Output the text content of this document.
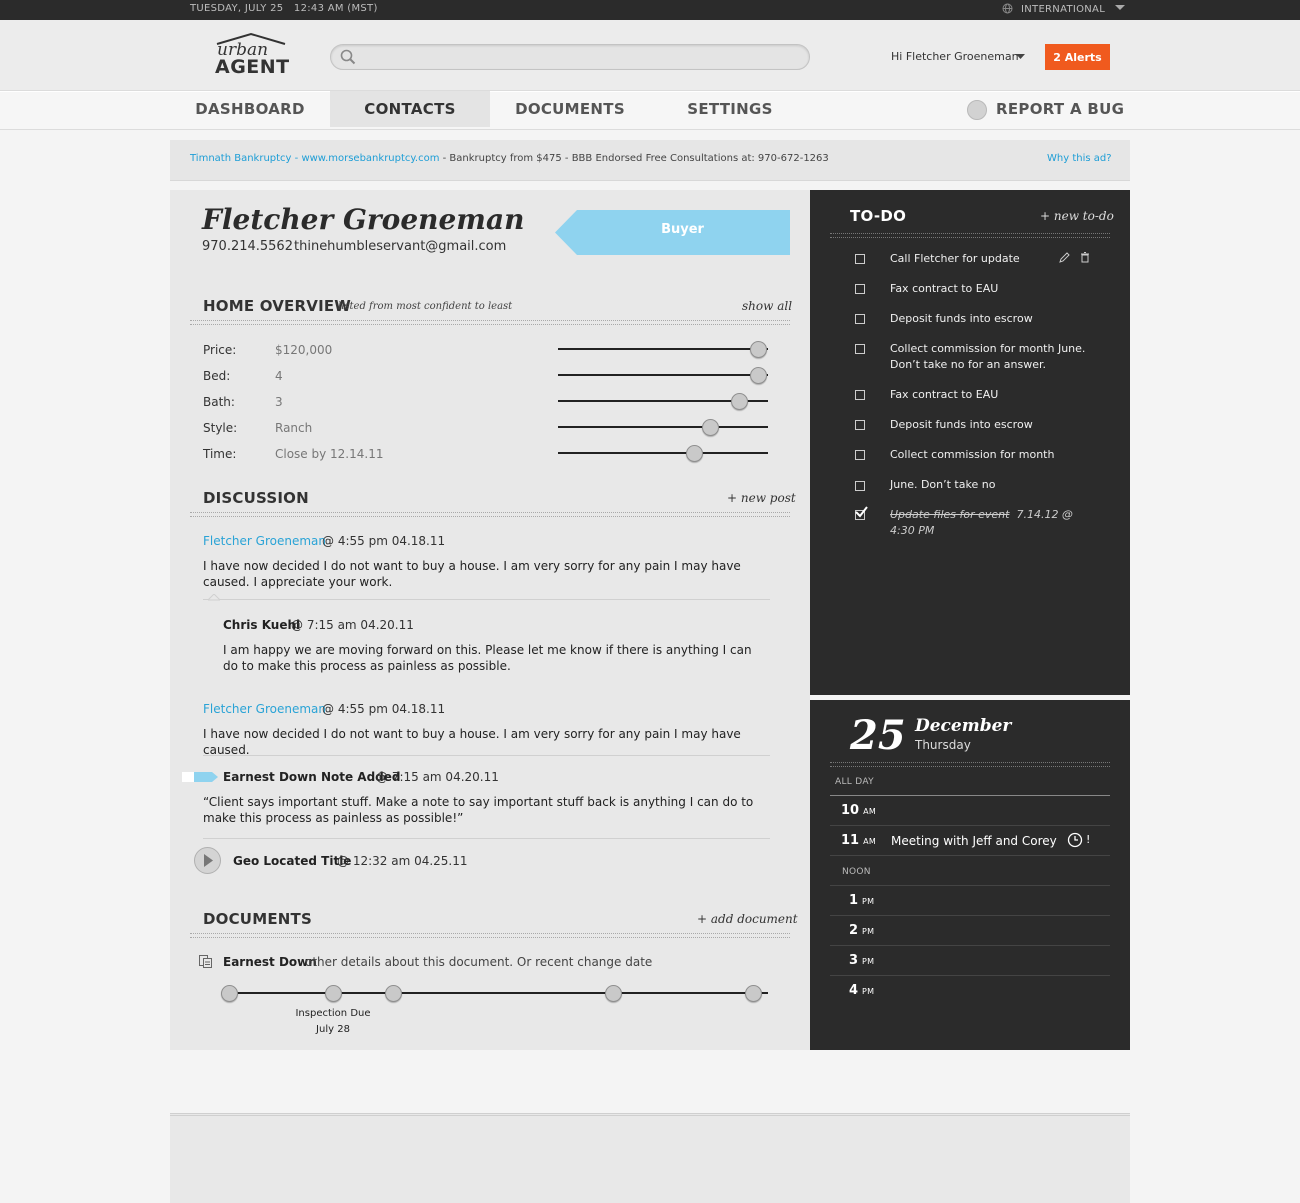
TUESDAY, JULY 25 12:43 AM (MST)	INTERNATIONAL
urban
AGENT	Hi Fletcher Groeneman	2 Alerts
DASHBOARD	CONTACTS	DOCUMENTS	SETTINGS	REPORT A BUG
Timnath Bankruptcy - www.morsebankruptcy.com - Bankruptcy from $475 - BBB Endorsed Free Consultations at: 970-672-1263	Why this ad?
Fletcher Groeneman
970.214.5562 thinehumbleservant@gmail.com
Buyer
HOME OVERVIEW
listed from most confident to least	show all
Price:	$120,000
Bed:	4
Bath:	3
Style:	Ranch
Time:	Close by 12.14.11
DISCUSSION	+ new post
Fletcher Groeneman
@ 4:55 pm 04.18.11
I have now decided I do not want to buy a house. I am very sorry for any pain I may have caused. I appreciate your work.
Chris Kuehl
@ 7:15 am 04.20.11
I am happy we are moving forward on this. Please let me know if there is anything I can do to make this process as painless as possible.
Fletcher Groeneman
@ 4:55 pm 04.18.11
I have now decided I do not want to buy a house. I am very sorry for any pain I may have caused.
Earnest Down Note Added
@ 7:15 am 04.20.11
“Client says important stuff. Make a note to say important stuff back is anything I can do to make this process as painless as possible!”
Geo Located Title
@ 12:32 am 04.25.11
DOCUMENTS	+ add document
Earnest Down
other details about this document. Or recent change date
Inspection Due
July 28
TO-DO	+ new to-do
Call Fletcher for update
Fax contract to EAU
Deposit funds into escrow
Collect commission for month June. Don’t take no for an answer.
Fax contract to EAU
Deposit funds into escrow
Collect commission for month
June. Don’t take no
Update files for event 7.14.12 @ 4:30 PM
25 December
Thursday
ALL DAY
10 AM
11 AM Meeting with Jeff and Corey	!
NOON
1 PM
2 PM
3 PM
4 PM
